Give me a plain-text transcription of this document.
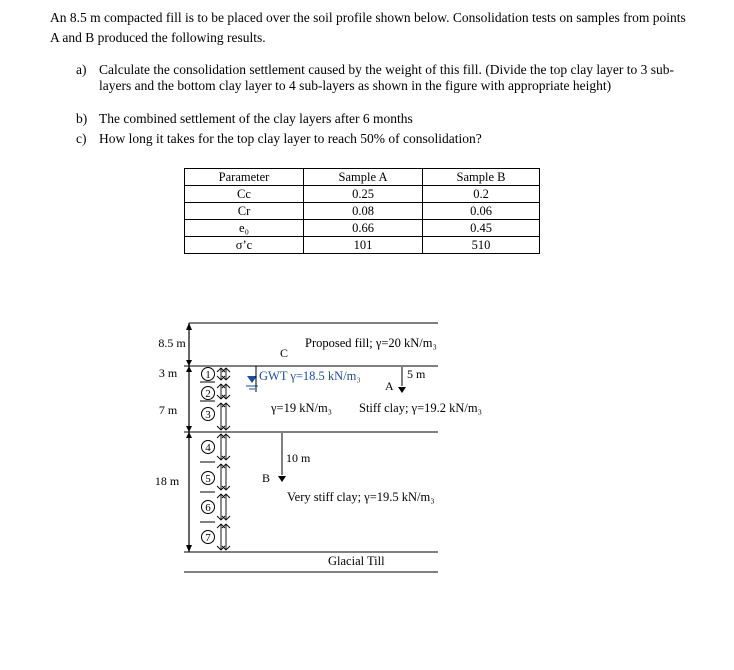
An 8.5 m compacted fill is to be placed over the soil profile shown below. Consolidation tests on samples from points A and B produced the following results.
a) Calculate the consolidation settlement caused by the weight of this fill. (Divide the top clay layer to 3 sub-layers and the bottom clay layer to 4 sub-layers as shown in the figure with appropriate height)
b) The combined settlement of the clay layers after 6 months
c) How long it takes for the top clay layer to reach 50% of consolidation?
Parameter	Sample A	Sample B
Cc	0.25	0.2
Cr	0.08	0.06
e₀	0.66	0.45
σ’c	101	510
8.5 m
3 m
7 m
18 m
1
2
3
4
5
6
7
Proposed fill; γ=20 kN/m₃
C
GWT γ=18.5 kN/m₃	5 m
A
γ=19 kN/m₃ Stiff clay; γ=19.2 kN/m₃
10 m
B
Very stiff clay; γ=19.5 kN/m₃
Glacial Till
